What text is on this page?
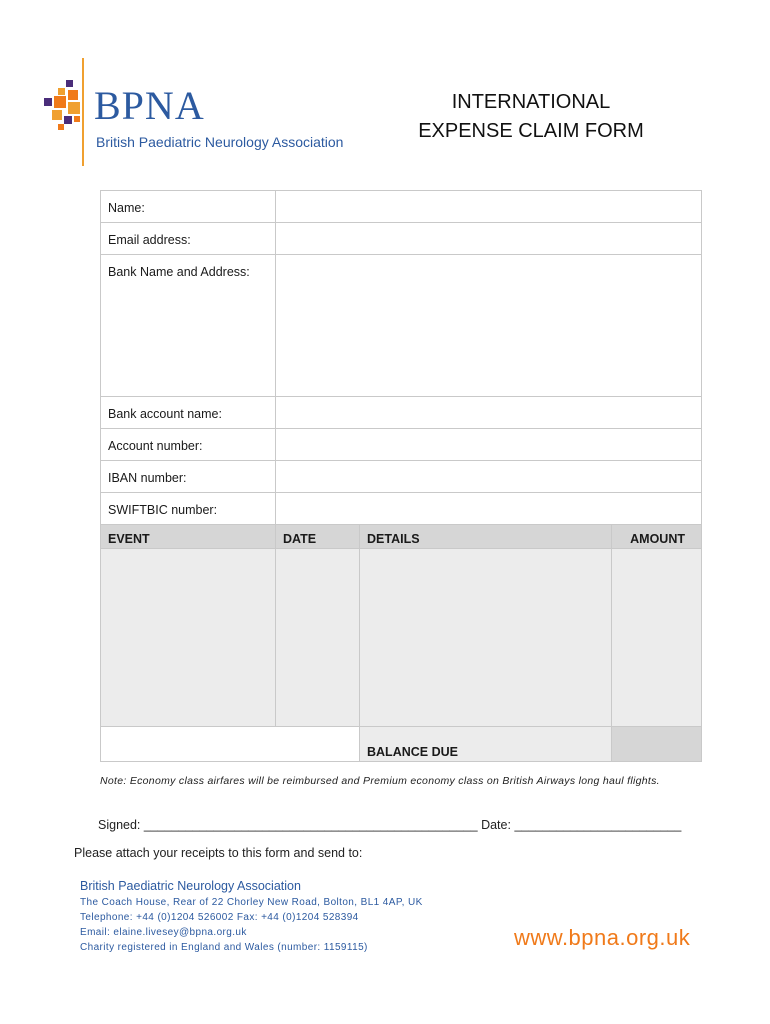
BPNA
British Paediatric Neurology Association
INTERNATIONAL
EXPENSE CLAIM FORM
Name:
Email address:
Bank Name and Address:
Bank account name:
Account number:
IBAN number:
SWIFTBIC number:
EVENT	DATE	DETAILS	AMOUNT
BALANCE DUE
Note: Economy class airfares will be reimbursed and Premium economy class on British Airways long haul flights.
Signed: ________________________________________________ Date: ________________________
Please attach your receipts to this form and send to:
British Paediatric Neurology Association
The Coach House, Rear of 22 Chorley New Road, Bolton, BL1 4AP, UK
Telephone: +44 (0)1204 526002 Fax: +44 (0)1204 528394
Email: elaine.livesey@bpna.org.uk
Charity registered in England and Wales (number: 1159115)	www.bpna.org.uk
